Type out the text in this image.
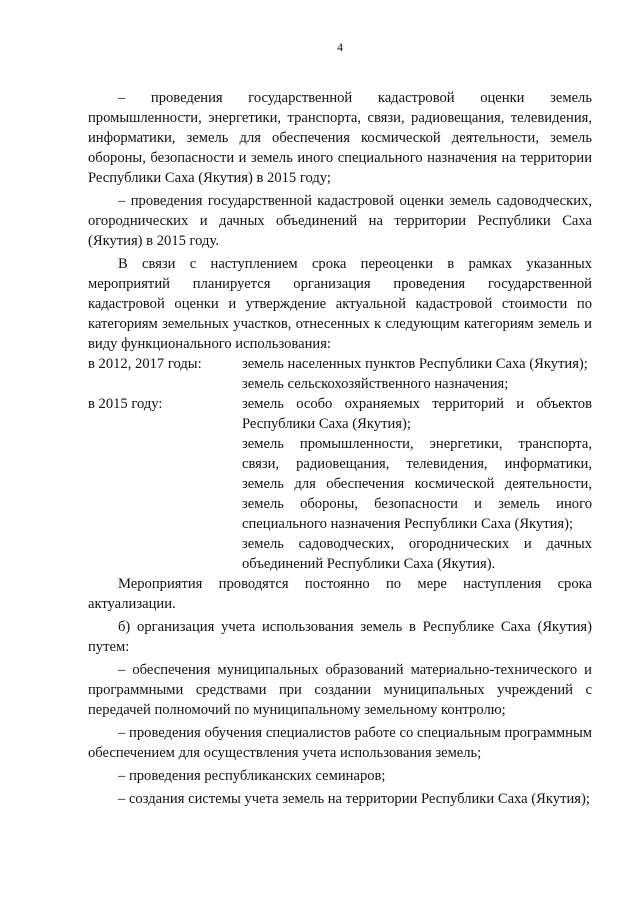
4

– проведения государственной кадастровой оценки земель промышленности, энергетики, транспорта, связи, радиовещания, телевидения, информатики, земель для обеспечения космической деятельности, земель обороны, безопасности и земель иного специального назначения на территории Республики Саха (Якутия) в 2015 году;

– проведения государственной кадастровой оценки земель садоводческих, огороднических и дачных объединений на территории Республики Саха (Якутия) в 2015 году.

В связи с наступлением срока переоценки в рамках указанных мероприятий планируется организация проведения государственной кадастровой оценки и утверждение актуальной кадастровой стоимости по категориям земельных участков, отнесенных к следующим категориям земель и виду функционального использования:

в 2012, 2017 годы:	земель населенных пунктов Республики Саха (Якутия);

земель сельскохозяйственного назначения;

в 2015 году:	земель особо охраняемых территорий и объектов Республики Саха (Якутия);

земель промышленности, энергетики, транспорта, связи, радиовещания, телевидения, информатики, земель для обеспечения космической деятельности, земель обороны, безопасности и земель иного специального назначения Республики Саха (Якутия);

земель садоводческих, огороднических и дачных объединений Республики Саха (Якутия).

Мероприятия проводятся постоянно по мере наступления срока актуализации.

б) организация учета использования земель в Республике Саха (Якутия) путем:

– обеспечения муниципальных образований материально-технического и программными средствами при создании муниципальных учреждений с передачей полномочий по муниципальному земельному контролю;

– проведения обучения специалистов работе со специальным программным обеспечением для осуществления учета использования земель;

– проведения республиканских семинаров;

– создания системы учета земель на территории Республики Саха (Якутия);
